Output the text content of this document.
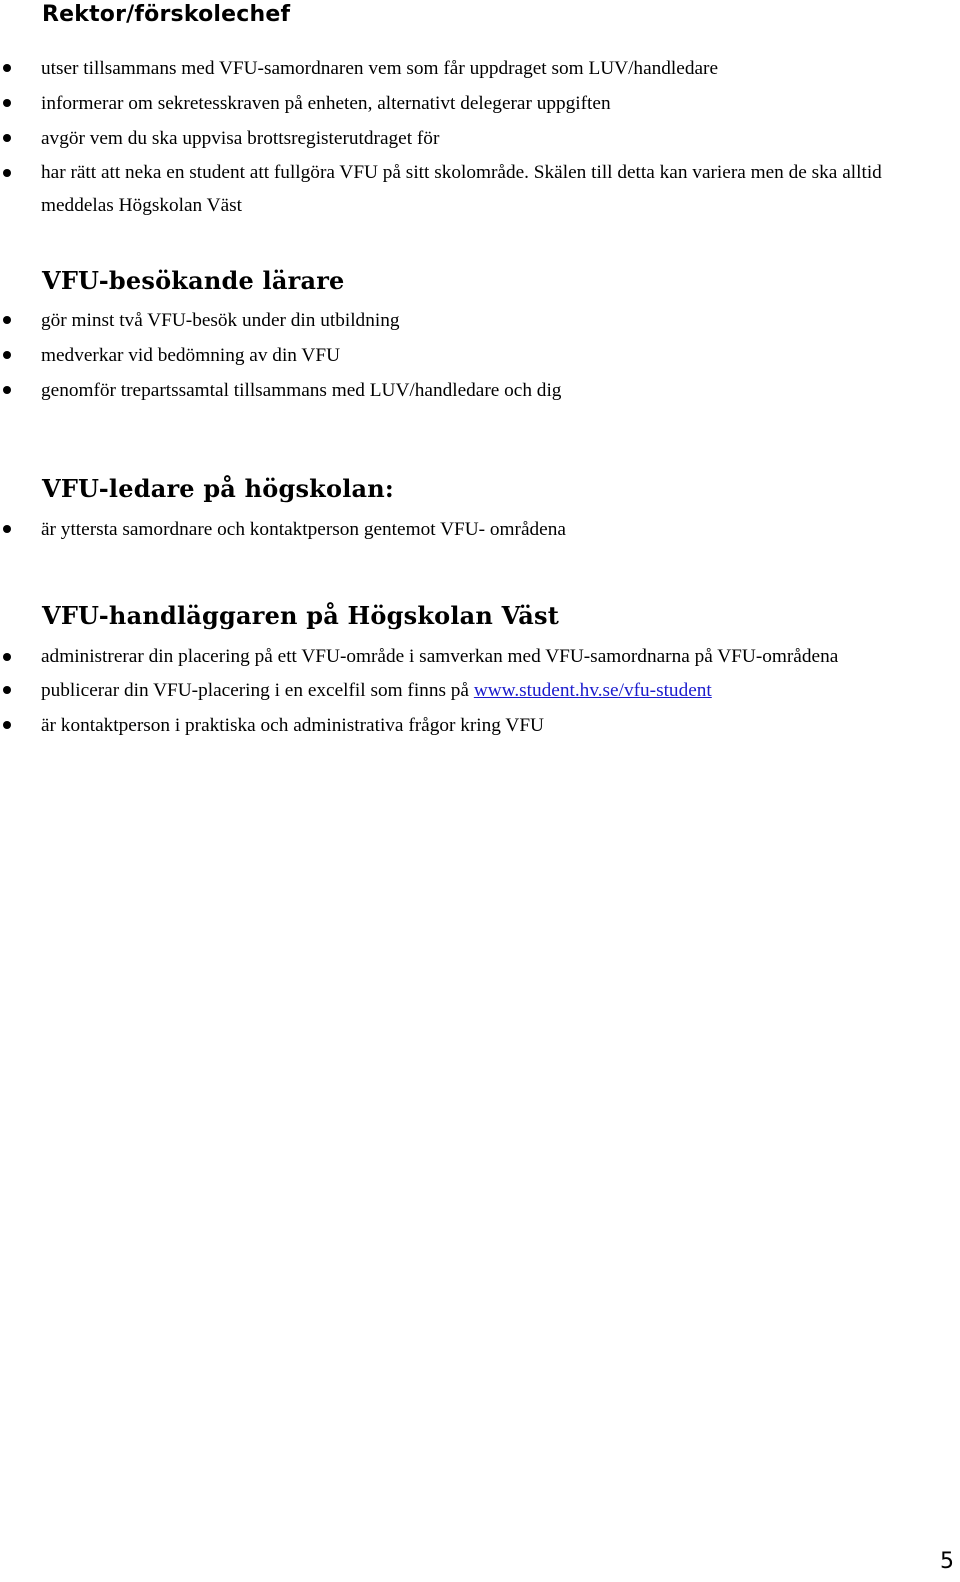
Rektor/förskolechef
utser tillsammans med VFU-samordnaren vem som får uppdraget som LUV/handledare
informerar om sekretesskraven på enheten, alternativt delegerar uppgiften
avgör vem du ska uppvisa brottsregisterutdraget för
har rätt att neka en student att fullgöra VFU på sitt skolområde. Skälen till detta kan variera men de ska alltid meddelas Högskolan Väst
VFU-besökande lärare
gör minst två VFU-besök under din utbildning
medverkar vid bedömning av din VFU
genomför trepartssamtal tillsammans med LUV/handledare och dig
VFU-ledare på högskolan:
är yttersta samordnare och kontaktperson gentemot VFU- områdena
VFU-handläggaren på Högskolan Väst
administrerar din placering på ett VFU-område i samverkan med VFU-samordnarna på VFU-områdena
publicerar din VFU-placering i en excelfil som finns på www.student.hv.se/vfu-student
är kontaktperson i praktiska och administrativa frågor kring VFU
5
